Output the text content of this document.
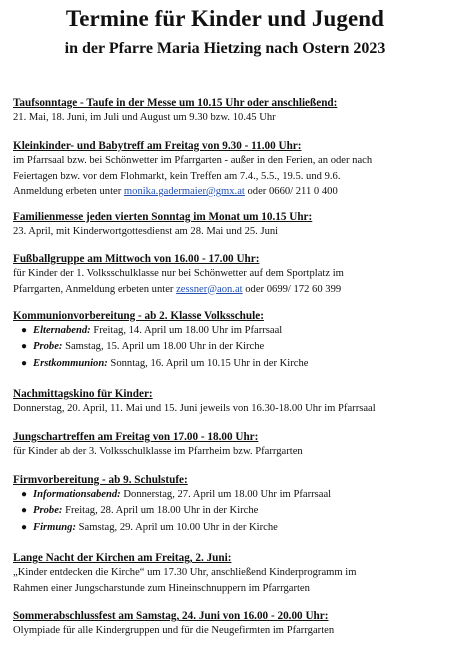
Termine für Kinder und Jugend
in der Pfarre Maria Hietzing nach Ostern 2023
Taufsonntage - Taufe in der Messe um 10.15 Uhr oder anschließend:
21. Mai, 18. Juni, im Juli und August um 9.30 bzw. 10.45 Uhr
Kleinkinder- und Babytreff am Freitag von 9.30 - 11.00 Uhr:
im Pfarrsaal bzw. bei Schönwetter im Pfarrgarten - außer in den Ferien, an oder nach
Feiertagen bzw. vor dem Flohmarkt, kein Treffen am 7.4., 5.5., 19.5. und 9.6.
Anmeldung erbeten unter monika.gadermaier@gmx.at oder 0660/ 211 0 400
Familienmesse jeden vierten Sonntag im Monat um 10.15 Uhr:
23. April, mit Kinderwortgottesdienst am 28. Mai und 25. Juni
Fußballgruppe am Mittwoch von 16.00 - 17.00 Uhr:
für Kinder der 1. Volksschulklasse nur bei Schönwetter auf dem Sportplatz im
Pfarrgarten, Anmeldung erbeten unter zessner@aon.at oder 0699/ 172 60 399
Kommunionvorbereitung - ab 2. Klasse Volksschule:
● Elternabend: Freitag, 14. April um 18.00 Uhr im Pfarrsaal
● Probe: Samstag, 15. April um 18.00 Uhr in der Kirche
● Erstkommunion: Sonntag, 16. April um 10.15 Uhr in der Kirche
Nachmittagskino für Kinder:
Donnerstag, 20. April, 11. Mai und 15. Juni jeweils von 16.30-18.00 Uhr im Pfarrsaal
Jungschartreffen am Freitag von 17.00 - 18.00 Uhr:
für Kinder ab der 3. Volksschulklasse im Pfarrheim bzw. Pfarrgarten
Firmvorbereitung - ab 9. Schulstufe:
● Informationsabend: Donnerstag, 27. April um 18.00 Uhr im Pfarrsaal
● Probe: Freitag, 28. April um 18.00 Uhr in der Kirche
● Firmung: Samstag, 29. April um 10.00 Uhr in der Kirche
Lange Nacht der Kirchen am Freitag, 2. Juni:
„Kinder entdecken die Kirche“ um 17.30 Uhr, anschließend Kinderprogramm im
Rahmen einer Jungscharstunde zum Hineinschnuppern im Pfarrgarten
Sommerabschlussfest am Samstag, 24. Juni von 16.00 - 20.00 Uhr:
Olympiade für alle Kindergruppen und für die Neugefirmten im Pfarrgarten
